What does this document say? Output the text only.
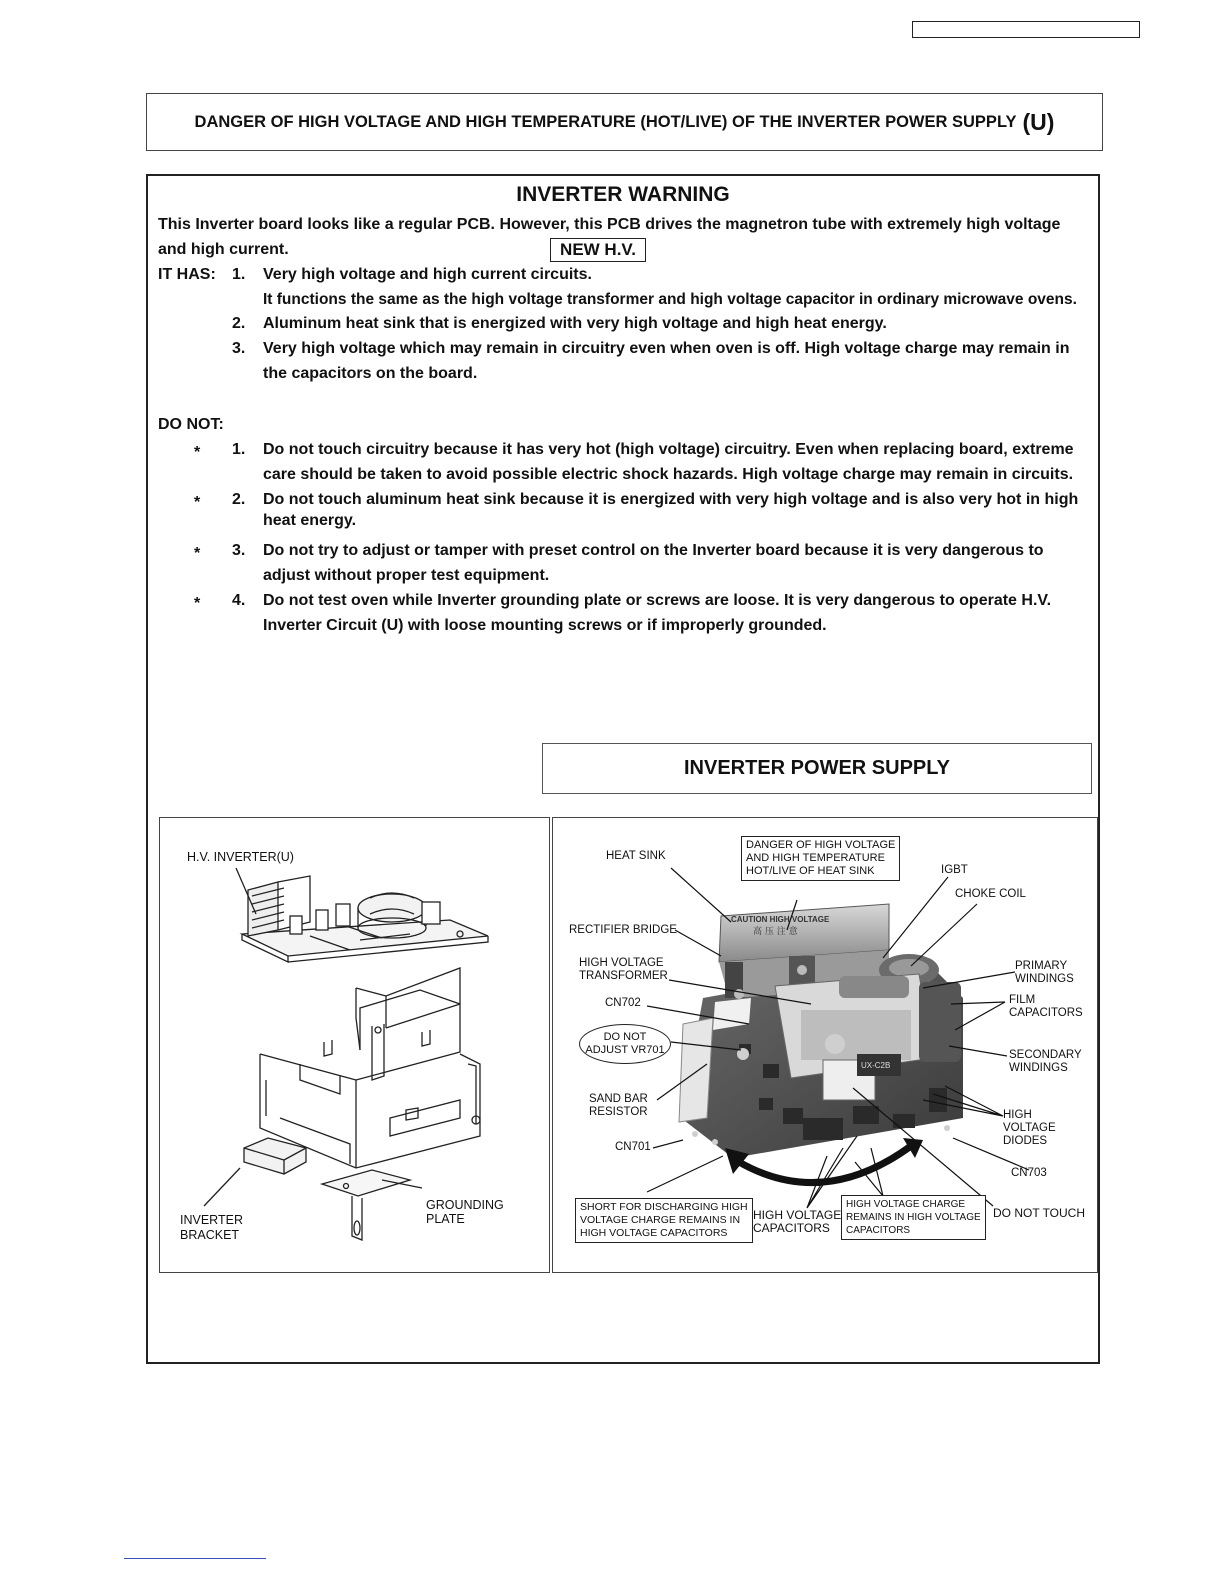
DANGER OF HIGH VOLTAGE AND HIGH TEMPERATURE (HOT/LIVE) OF THE INVERTER POWER SUPPLY (U)
INVERTER WARNING
This Inverter board looks like a regular PCB. However, this PCB drives the magnetron tube with extremely high voltage
and high current.	NEW H.V.
IT HAS: 1. Very high voltage and high current circuits.
It functions the same as the high voltage transformer and high voltage capacitor in ordinary microwave ovens.
2. Aluminum heat sink that is energized with very high voltage and high heat energy.
3. Very high voltage which may remain in circuitry even when oven is off. High voltage charge may remain in
the capacitors on the board.
DO NOT:
* 1. Do not touch circuitry because it has very hot (high voltage) circuitry. Even when replacing board, extreme
care should be taken to avoid possible electric shock hazards. High voltage charge may remain in circuits.
* 2. Do not touch aluminum heat sink because it is energized with very high voltage and is also very hot in high
heat energy.
* 3. Do not try to adjust or tamper with preset control on the Inverter board because it is very dangerous to
adjust without proper test equipment.
* 4. Do not test oven while Inverter grounding plate or screws are loose. It is very dangerous to operate H.V.
Inverter Circuit (U) with loose mounting screws or if improperly grounded.
INVERTER POWER SUPPLY
H.V. INVERTER(U)
INVERTER
BRACKET
GROUNDING
PLATE
UX-C2B
CAUTION HIGH VOLTAGE
高 压 注 意
HEAT SINK
DANGER OF HIGH VOLTAGE
AND HIGH TEMPERATURE
HOT/LIVE OF HEAT SINK	IGBT
CHOKE COIL
RECTIFIER BRIDGE
HIGH VOLTAGE
TRANSFORMER
PRIMARY
WINDINGS
CN702	FILM
CAPACITORS
DO NOT
ADJUST VR701	SECONDARY
WINDINGS
SAND BAR
RESISTOR	HIGH
VOLTAGE
DIODES
CN701
CN703
SHORT FOR DISCHARGING HIGH
VOLTAGE CHARGE REMAINS IN
HIGH VOLTAGE CAPACITORS
HIGH VOLTAGE
CAPACITORS
HIGH VOLTAGE CHARGE
REMAINS IN HIGH VOLTAGE
CAPACITORS
DO NOT TOUCH
